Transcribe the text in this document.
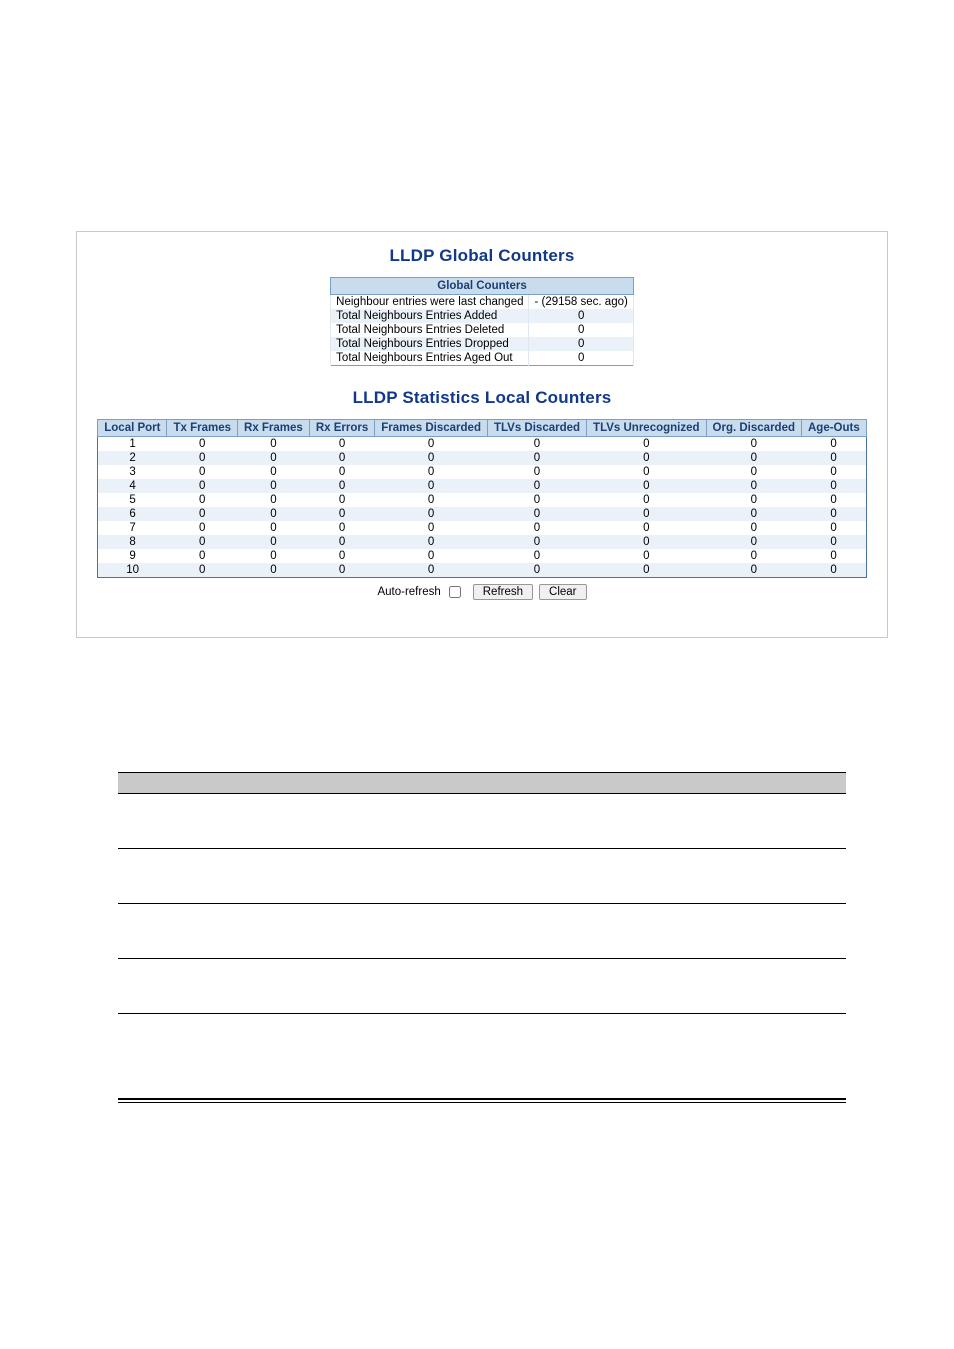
LLDP Global Counters
Global Counters	
Neighbour entries were last changed	- (29158 sec. ago)
Total Neighbours Entries Added	0
Total Neighbours Entries Deleted	0
Total Neighbours Entries Dropped	0
Total Neighbours Entries Aged Out	0
LLDP Statistics Local Counters
Local Port	Tx Frames	Rx Frames	Rx Errors	Frames Discarded	TLVs Discarded	TLVs Unrecognized	Org. Discarded	Age-Outs
1	0	0	0	0	0	0	0	0
2	0	0	0	0	0	0	0	0
3	0	0	0	0	0	0	0	0
4	0	0	0	0	0	0	0	0
5	0	0	0	0	0	0	0	0
6	0	0	0	0	0	0	0	0
7	0	0	0	0	0	0	0	0
8	0	0	0	0	0	0	0	0
9	0	0	0	0	0	0	0	0
10	0	0	0	0	0	0	0	0
Auto-refresh	Refresh	Clear
